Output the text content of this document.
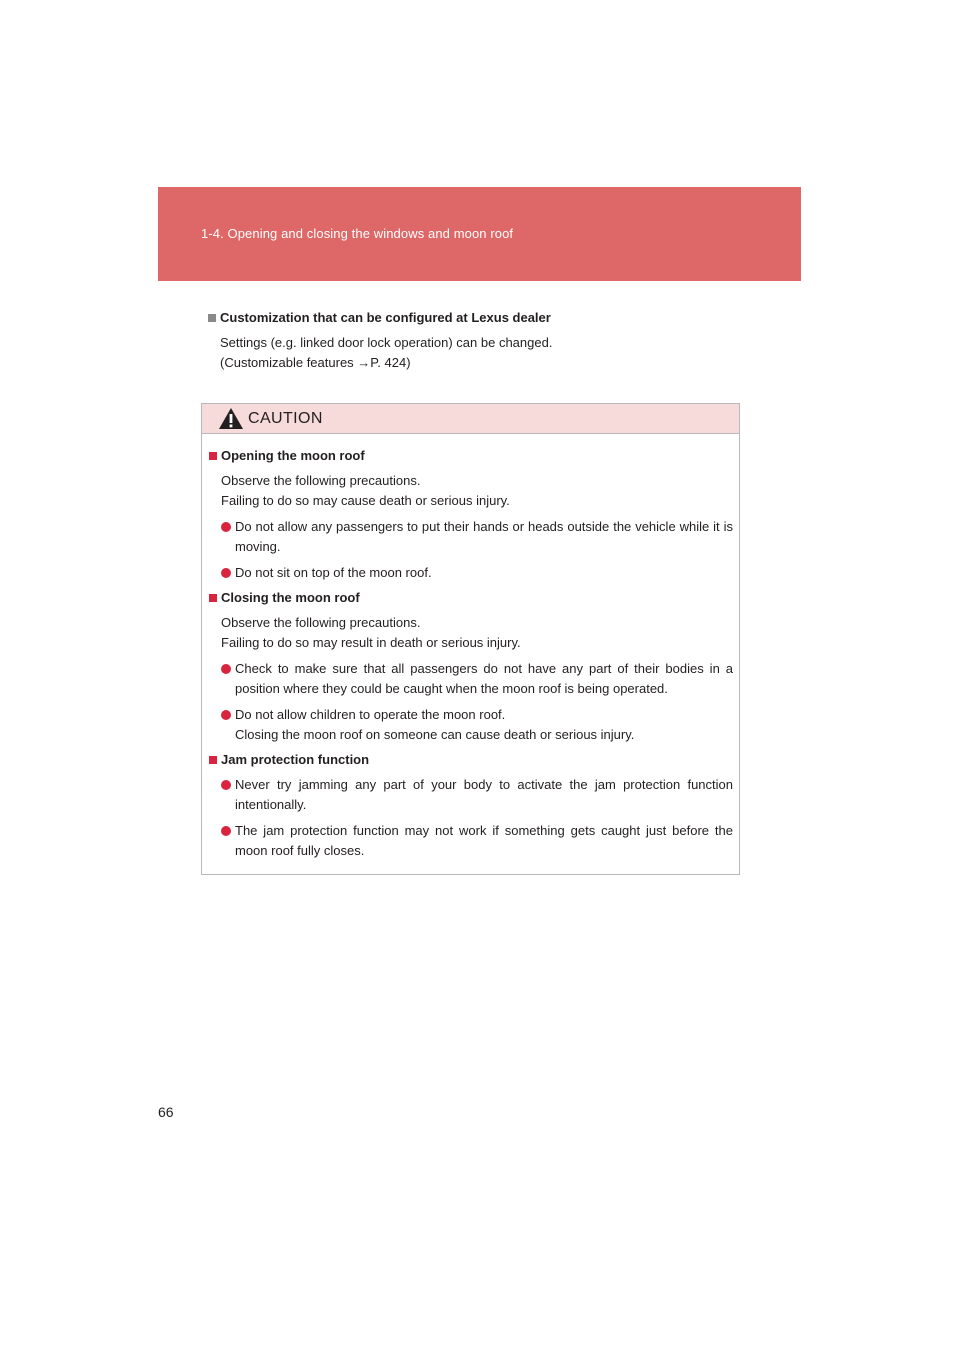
1-4. Opening and closing the windows and moon roof
Customization that can be configured at Lexus dealer
Settings (e.g. linked door lock operation) can be changed.
(Customizable features →P. 424)
CAUTION
Opening the moon roof
Observe the following precautions.
Failing to do so may cause death or serious injury.
Do not allow any passengers to put their hands or heads outside the vehicle while it is moving.
Do not sit on top of the moon roof.
Closing the moon roof
Observe the following precautions.
Failing to do so may result in death or serious injury.
Check to make sure that all passengers do not have any part of their bodies in a position where they could be caught when the moon roof is being operated.
Do not allow children to operate the moon roof.
Closing the moon roof on someone can cause death or serious injury.
Jam protection function
Never try jamming any part of your body to activate the jam protection function intentionally.
The jam protection function may not work if something gets caught just before the moon roof fully closes.
66
